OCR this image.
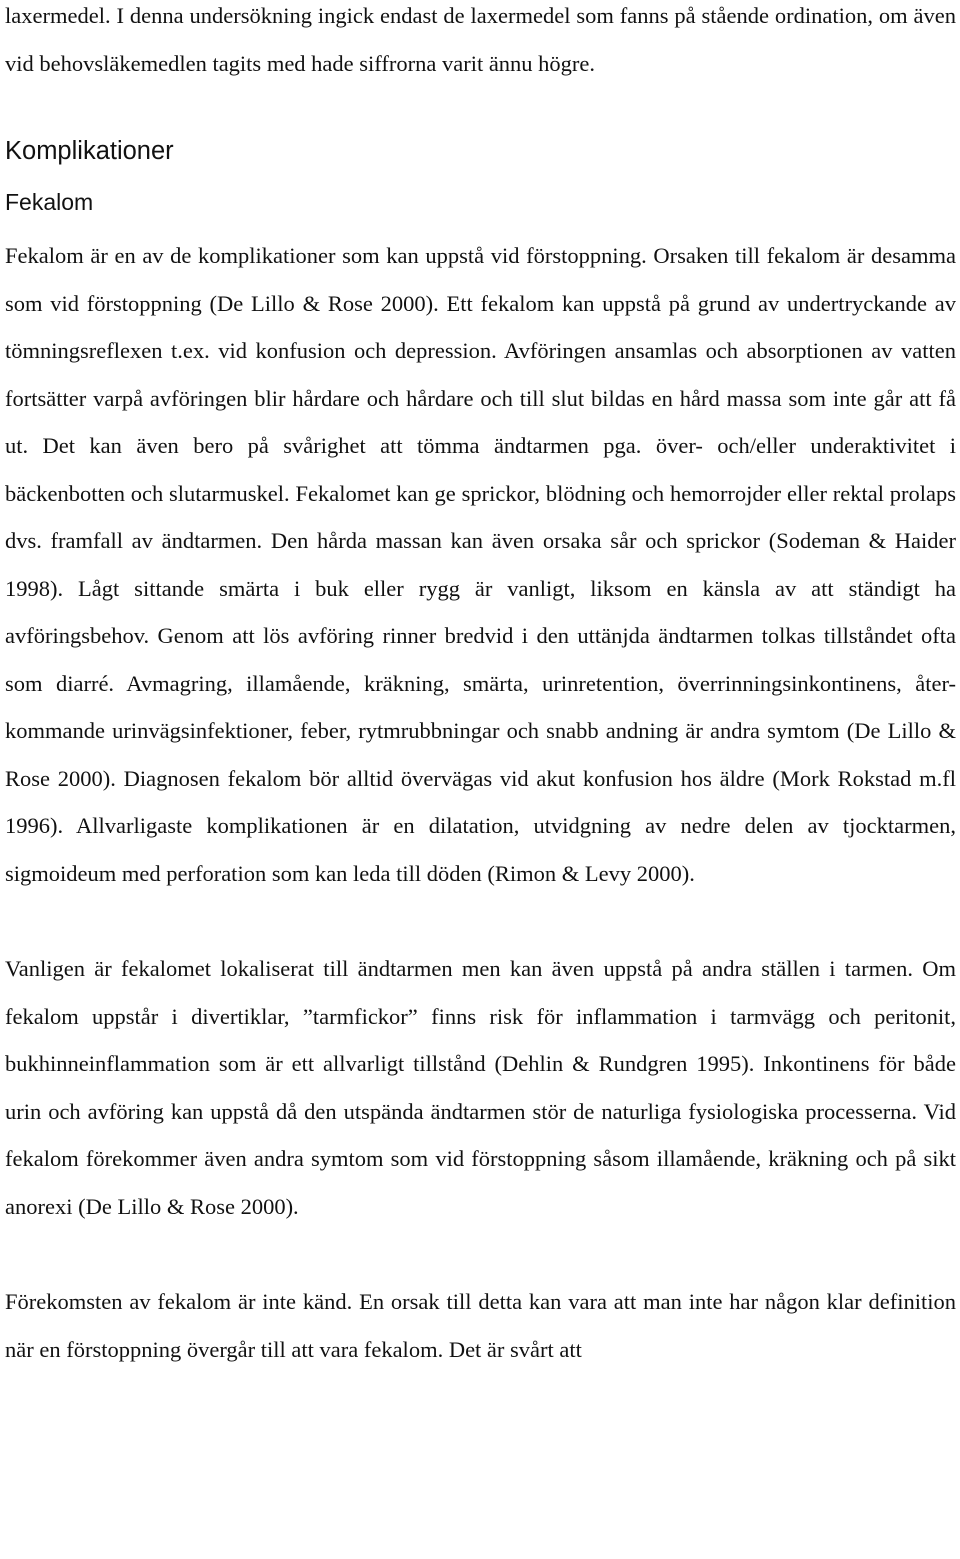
laxermedel. I denna undersökning ingick endast de laxermedel som fanns på stående ordination, om även vid behovsläkemedlen tagits med hade siffrorna varit ännu högre.

Komplikationer
Fekalom

Fekalom är en av de komplikationer som kan uppstå vid förstoppning. Orsaken till fekalom är desamma som vid förstoppning (De Lillo & Rose 2000). Ett fekalom kan uppstå på grund av undertryckande av tömningsreflexen t.ex. vid konfusion och depression. Avföringen ansamlas och absorptionen av vatten fortsätter varpå avföringen blir hårdare och hårdare och till slut bildas en hård massa som inte går att få ut. Det kan även bero på svårighet att tömma ändtarmen pga. över- och/eller underaktivitet i bäckenbotten och slutarmuskel. Fekalomet kan ge sprickor, blödning och hemorrojder eller rektal prolaps dvs. framfall av ändtarmen. Den hårda massan kan även orsaka sår och sprickor (Sodeman & Haider 1998). Lågt sittande smärta i buk eller rygg är vanligt, liksom en känsla av att ständigt ha avföringsbehov. Genom att lös avföring rinner bredvid i den uttänjda ändtarmen tolkas tillståndet ofta som diarré. Avmagring, illamående, kräkning, smärta, urinretention, överrinningsinkontinens, åter-kommande urinvägsinfektioner, feber, rytmrubbningar och snabb andning är andra symtom (De Lillo & Rose 2000). Diagnosen fekalom bör alltid övervägas vid akut konfusion hos äldre (Mork Rokstad m.fl 1996). Allvarligaste komplikationen är en dilatation, utvidgning av nedre delen av tjocktarmen, sigmoideum med perforation som kan leda till döden (Rimon & Levy 2000).

Vanligen är fekalomet lokaliserat till ändtarmen men kan även uppstå på andra ställen i tarmen. Om fekalom uppstår i divertiklar, ”tarmfickor” finns risk för inflammation i tarmvägg och peritonit, bukhinneinflammation som är ett allvarligt tillstånd (Dehlin & Rundgren 1995). Inkontinens för både urin och avföring kan uppstå då den utspända ändtarmen stör de naturliga fysiologiska processerna. Vid fekalom förekommer även andra symtom som vid förstoppning såsom illamående, kräkning och på sikt anorexi (De Lillo & Rose 2000).

Förekomsten av fekalom är inte känd. En orsak till detta kan vara att man inte har någon klar definition när en förstoppning övergår till att vara fekalom. Det är svårt att
